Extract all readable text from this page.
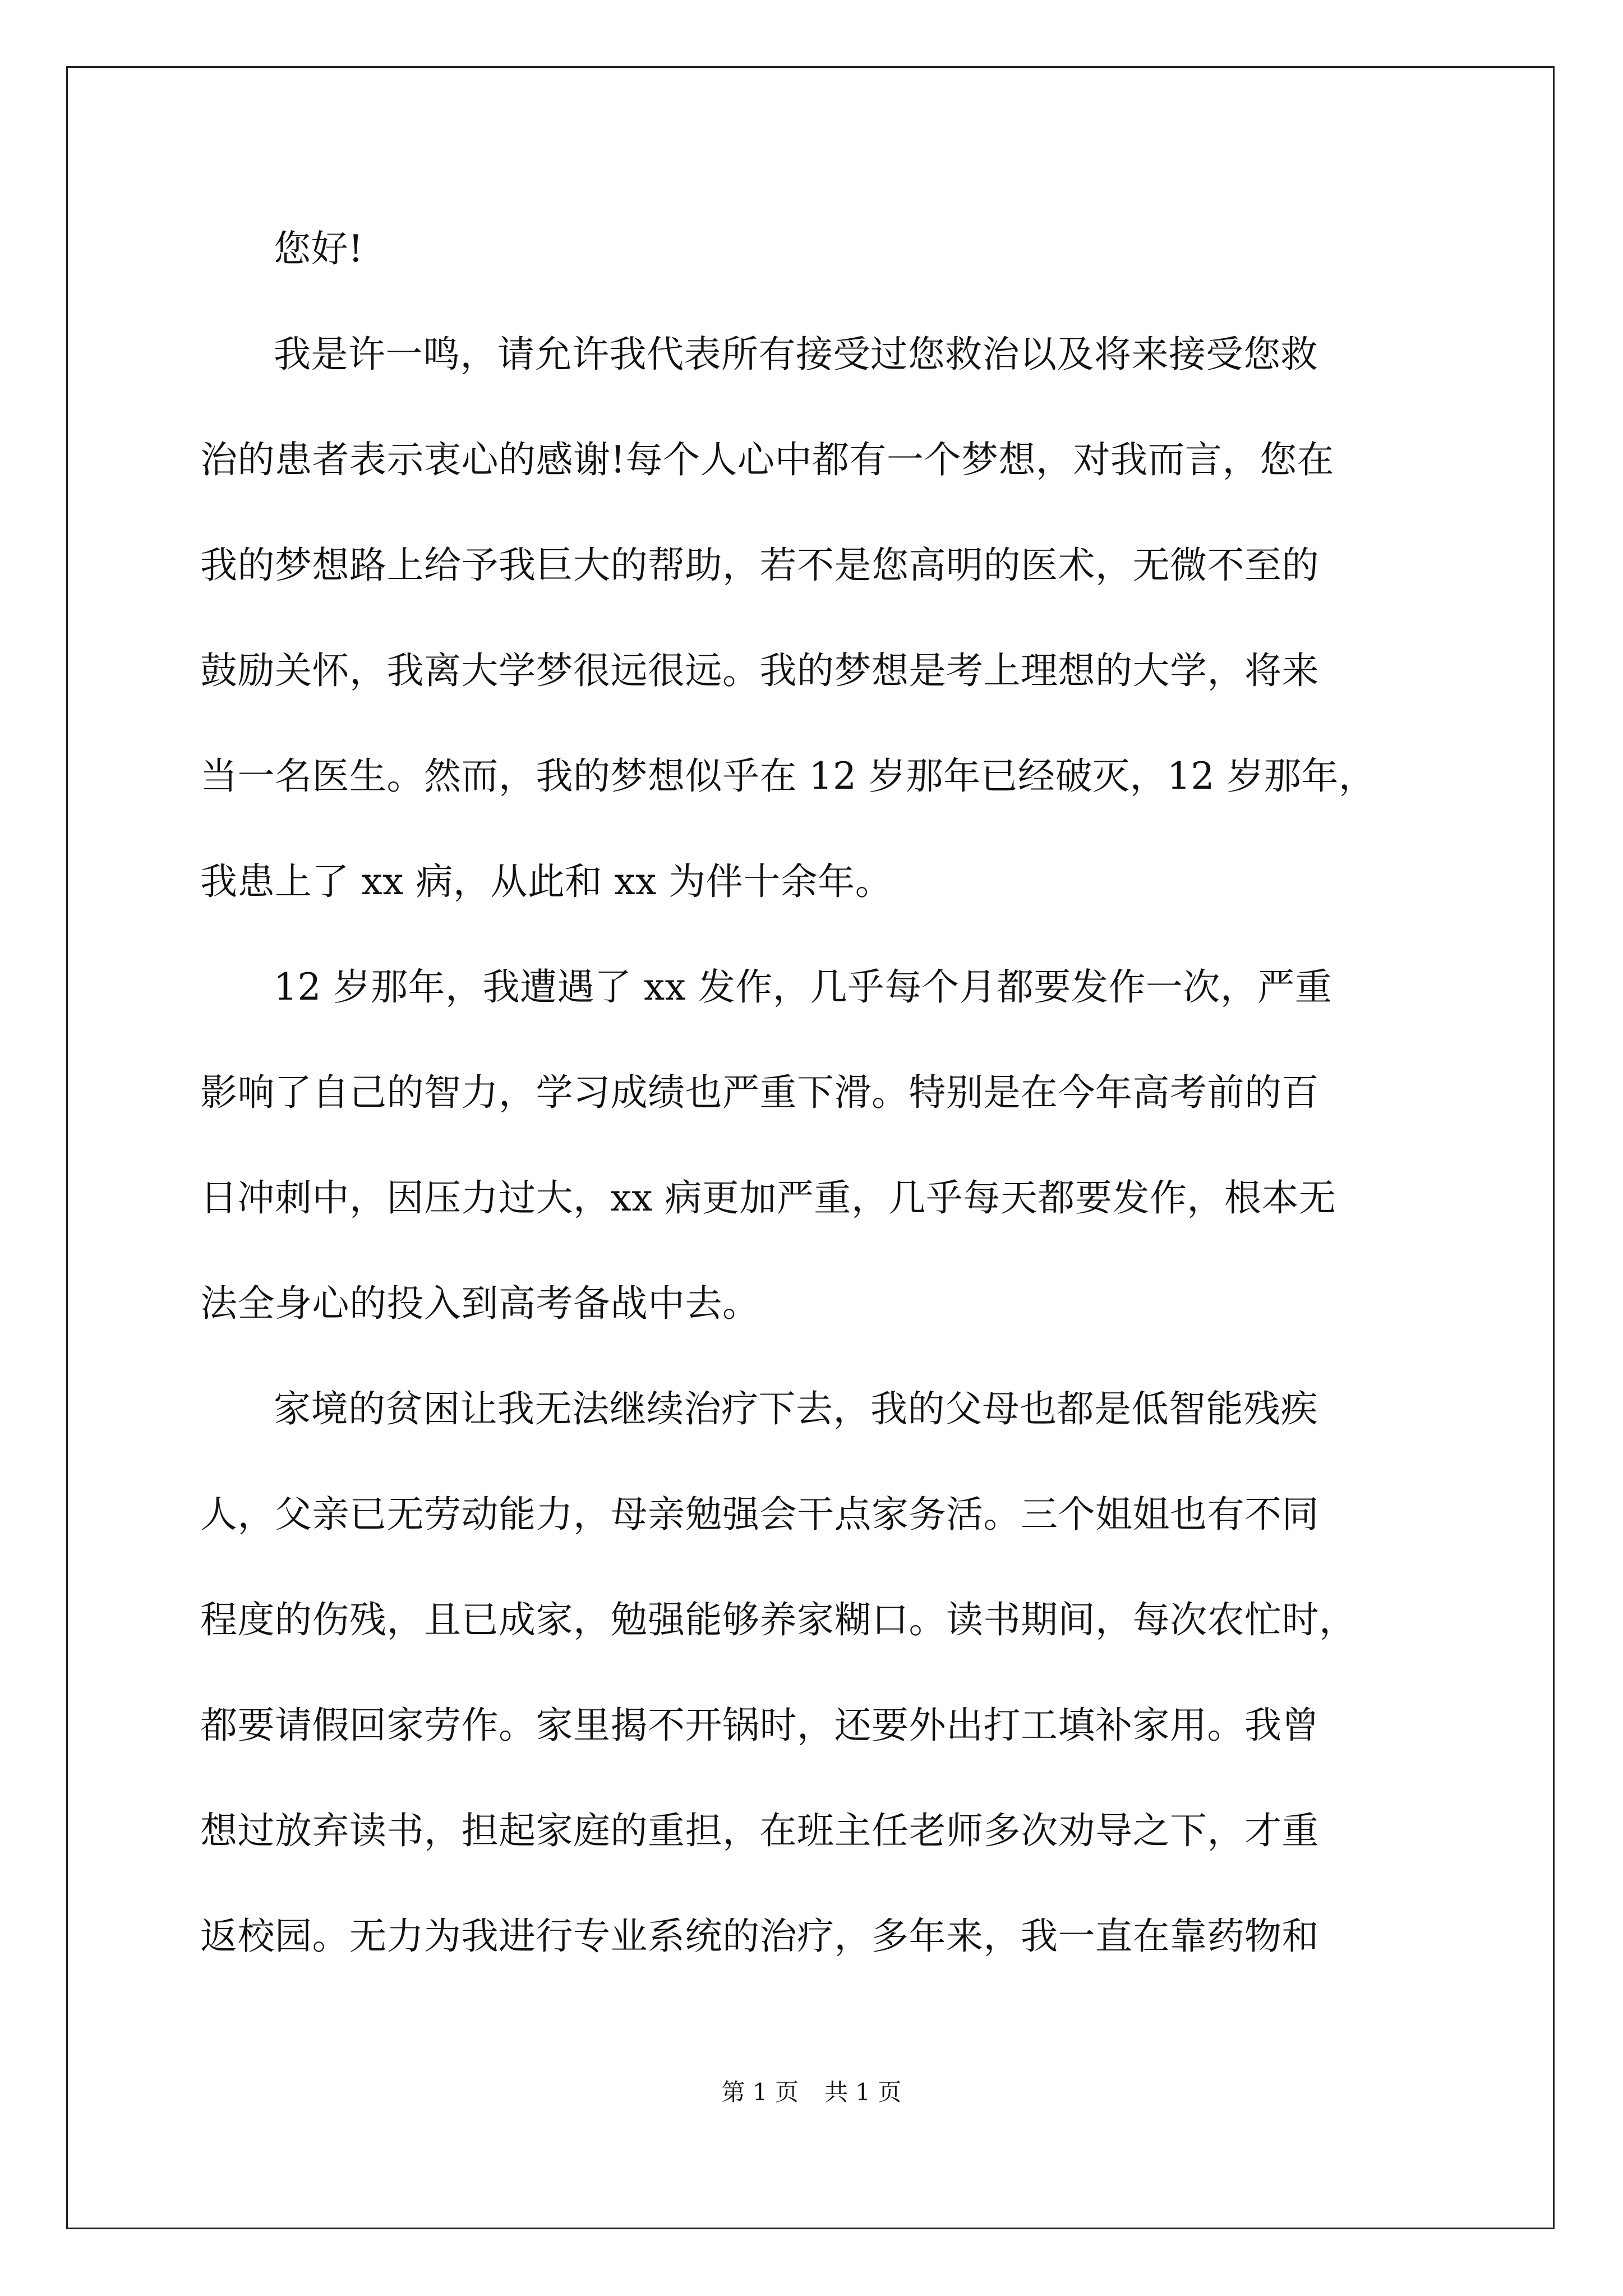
您好!
我是许一鸣，请允许我代表所有接受过您救治以及将来接受您救
治的患者表示衷心的感谢!每个人心中都有一个梦想，对我而言，您在
我的梦想路上给予我巨大的帮助，若不是您高明的医术，无微不至的
鼓励关怀，我离大学梦很远很远。我的梦想是考上理想的大学，将来
当一名医生。然而，我的梦想似乎在 12 岁那年已经破灭，12 岁那年，
我患上了 xx 病，从此和 xx 为伴十余年。
12 岁那年，我遭遇了 xx 发作，几乎每个月都要发作一次，严重
影响了自己的智力，学习成绩也严重下滑。特别是在今年高考前的百
日冲刺中，因压力过大，xx 病更加严重，几乎每天都要发作，根本无
法全身心的投入到高考备战中去。
家境的贫困让我无法继续治疗下去，我的父母也都是低智能残疾
人，父亲已无劳动能力，母亲勉强会干点家务活。三个姐姐也有不同
程度的伤残，且已成家，勉强能够养家糊口。读书期间，每次农忙时，
都要请假回家劳作。家里揭不开锅时，还要外出打工填补家用。我曾
想过放弃读书，担起家庭的重担，在班主任老师多次劝导之下，才重
返校园。无力为我进行专业系统的治疗，多年来，我一直在靠药物和
第 1 页 共 1 页
